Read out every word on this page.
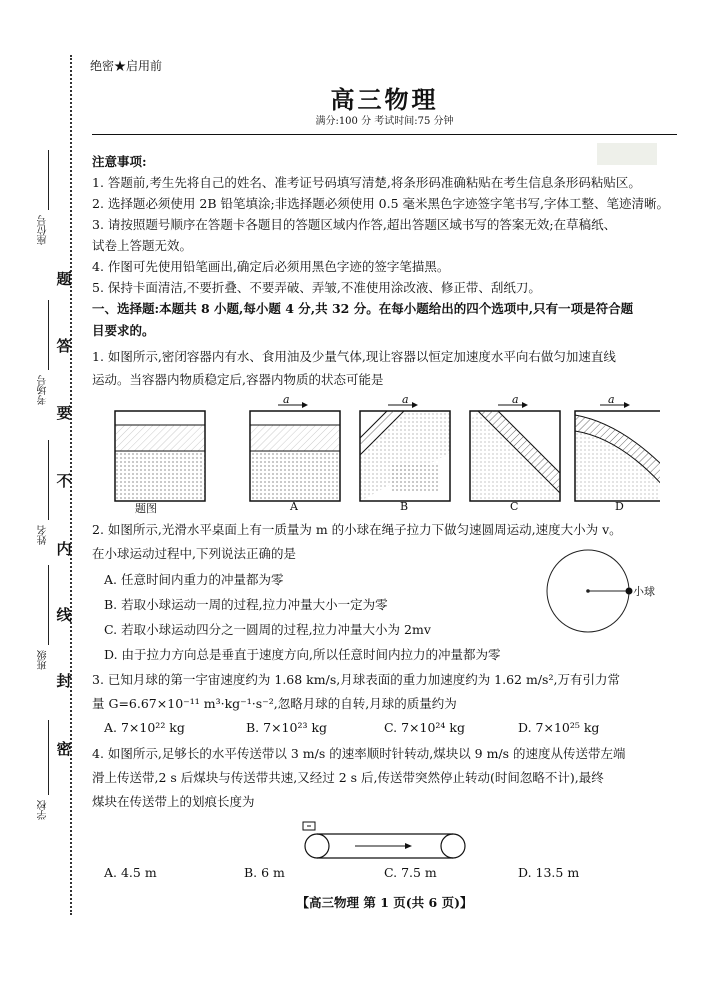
座位号
考场号
姓名
班级
学校
题
答
要
不
内
线
封
密
绝密★启用前
高三物理
满分:100 分 考试时间:75 分钟
注意事项:
1. 答题前,考生先将自己的姓名、准考证号码填写清楚,将条形码准确粘贴在考生信息条形码粘贴区。
2. 选择题必须使用 2B 铅笔填涂;非选择题必须使用 0.5 毫米黑色字迹签字笔书写,字体工整、笔迹清晰。
3. 请按照题号顺序在答题卡各题目的答题区域内作答,超出答题区域书写的答案无效;在草稿纸、
试卷上答题无效。
4. 作图可先使用铅笔画出,确定后必须用黑色字迹的签字笔描黑。
5. 保持卡面清洁,不要折叠、不要弄破、弄皱,不准使用涂改液、修正带、刮纸刀。
一、选择题:本题共 8 小题,每小题 4 分,共 32 分。在每小题给出的四个选项中,只有一项是符合题
目要求的。
1. 如图所示,密闭容器内有水、食用油及少量气体,现让容器以恒定加速度水平向右做匀加速直线
运动。当容器内物质稳定后,容器内物质的状态可能是
a	a	a	a
题图	A	B	C	D
2. 如图所示,光滑水平桌面上有一质量为 m 的小球在绳子拉力下做匀速圆周运动,速度大小为 v。
在小球运动过程中,下列说法正确的是
A. 任意时间内重力的冲量都为零
B. 若取小球运动一周的过程,拉力冲量大小一定为零
C. 若取小球运动四分之一圆周的过程,拉力冲量大小为 2mv
D. 由于拉力方向总是垂直于速度方向,所以任意时间内拉力的冲量都为零
小球
3. 已知月球的第一宇宙速度约为 1.68 km/s,月球表面的重力加速度约为 1.62 m/s²,万有引力常
量 G=6.67×10⁻¹¹ m³·kg⁻¹·s⁻²,忽略月球的自转,月球的质量约为
A. 7×10²² kg	B. 7×10²³ kg	C. 7×10²⁴ kg	D. 7×10²⁵ kg
4. 如图所示,足够长的水平传送带以 3 m/s 的速率顺时针转动,煤块以 9 m/s 的速度从传送带左端
滑上传送带,2 s 后煤块与传送带共速,又经过 2 s 后,传送带突然停止转动(时间忽略不计),最终
煤块在传送带上的划痕长度为
A. 4.5 m	B. 6 m	C. 7.5 m	D. 13.5 m
【高三物理 第 1 页(共 6 页)】
